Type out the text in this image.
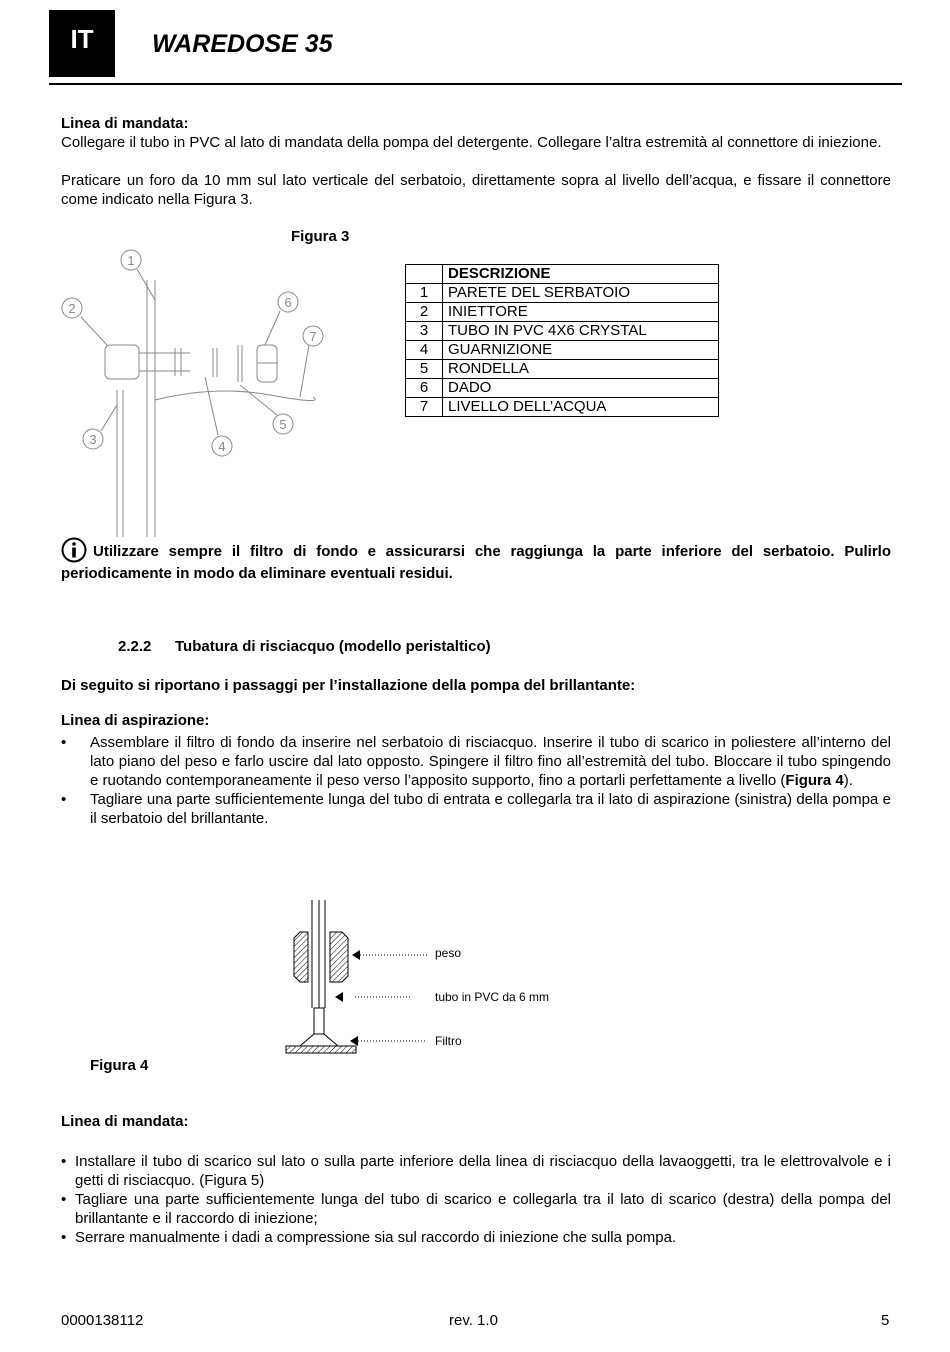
IT	WAREDOSE 35
Linea di mandata:
Collegare il tubo in PVC al lato di mandata della pompa del detergente. Collegare l’altra estremità al connettore di iniezione.
Praticare un foro da 10 mm sul lato verticale del serbatoio, direttamente sopra al livello dell’acqua, e fissare il connettore come indicato nella Figura 3.
Figura 3
1
2
3	4
5
6
7
	DESCRIZIONE
1	PARETE DEL SERBATOIO
2	INIETTORE
3	TUBO IN PVC 4X6 CRYSTAL
4	GUARNIZIONE
5	RONDELLA
6	DADO
7	LIVELLO DELL’ACQUA
Utilizzare sempre il filtro di fondo e assicurarsi che raggiunga la parte inferiore del serbatoio. Pulirlo periodicamente in modo da eliminare eventuali residui.
2.2.2 Tubatura di risciacquo (modello peristaltico)
Di seguito si riportano i passaggi per l’installazione della pompa del brillantante:
Linea di aspirazione:
• Assemblare il filtro di fondo da inserire nel serbatoio di risciacquo. Inserire il tubo di scarico in poliestere all’interno del lato piano del peso e farlo uscire dal lato opposto. Spingere il filtro fino all’estremità del tubo. Bloccare il tubo spingendo e ruotando contemporaneamente il peso verso l’apposito supporto, fino a portarli perfettamente a livello (Figura 4).
• Tagliare una parte sufficientemente lunga del tubo di entrata e collegarla tra il lato di aspirazione (sinistra) della pompa e il serbatoio del brillantante.
peso
tubo in PVC da 6 mm
Filtro
Figura 4
Linea di mandata:
• Installare il tubo di scarico sul lato o sulla parte inferiore della linea di risciacquo della lavaoggetti, tra le elettrovalvole e i getti di risciacquo. (Figura 5)
• Tagliare una parte sufficientemente lunga del tubo di scarico e collegarla tra il lato di scarico (destra) della pompa del brillantante e il raccordo di iniezione;
• Serrare manualmente i dadi a compressione sia sul raccordo di iniezione che sulla pompa.
0000138112	rev. 1.0	5
